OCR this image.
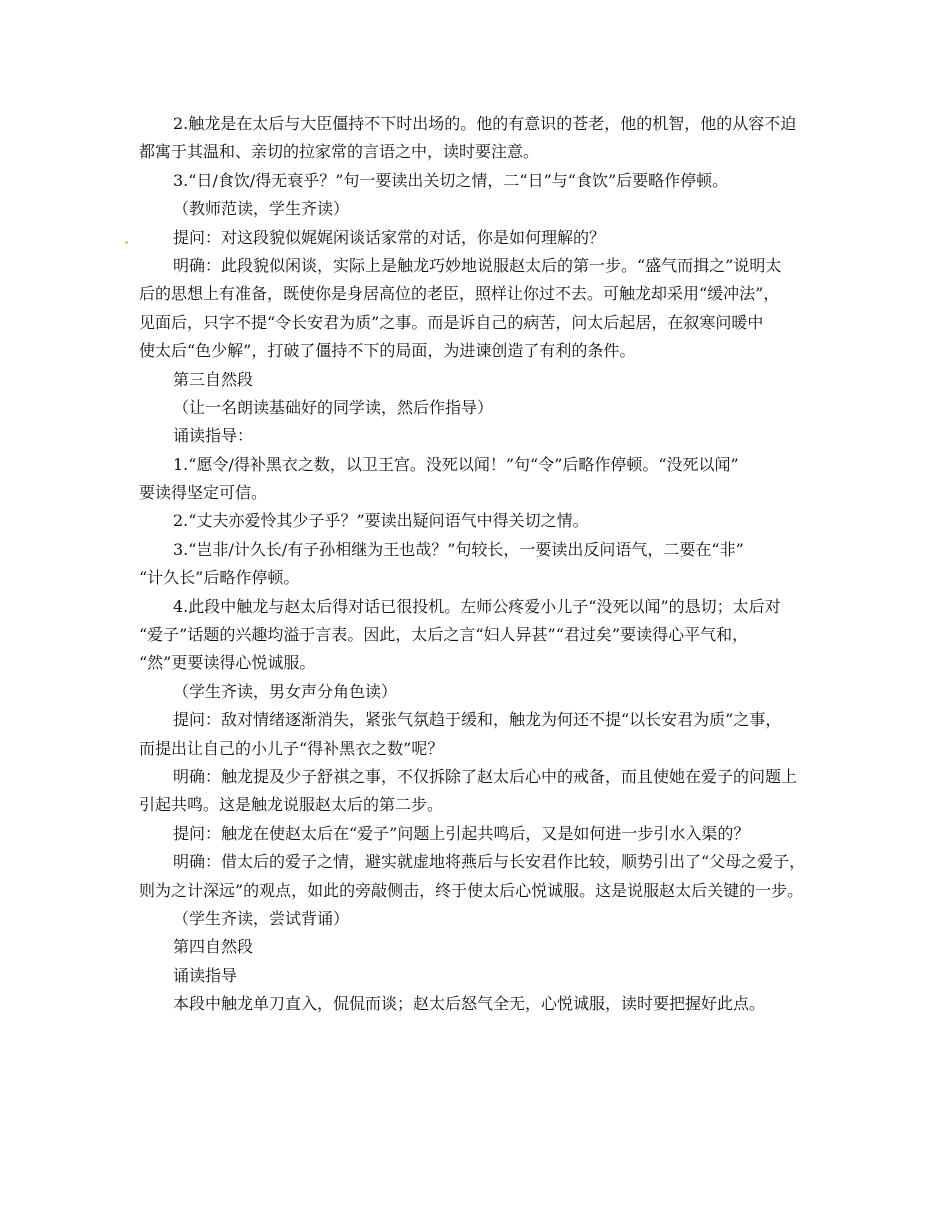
2.触龙是在太后与大臣僵持不下时出场的。他的有意识的苍老，他的机智，他的从容不迫
都寓于其温和、亲切的拉家常的言语之中，读时要注意。
3.“日/食饮/得无衰乎？”句一要读出关切之情，二“日”与“食饮”后要略作停顿。
（教师范读，学生齐读）
提问：对这段貌似娓娓闲谈话家常的对话，你是如何理解的？
明确：此段貌似闲谈，实际上是触龙巧妙地说服赵太后的第一步。“盛气而揖之”说明太
后的思想上有准备，既使你是身居高位的老臣，照样让你过不去。可触龙却采用“缓冲法”，
见面后，只字不提“令长安君为质”之事。而是诉自己的病苦，问太后起居，在叙寒问暖中
使太后“色少解”，打破了僵持不下的局面，为进谏创造了有利的条件。
第三自然段
（让一名朗读基础好的同学读，然后作指导）
诵读指导：
1.“愿令/得补黑衣之数，以卫王宫。没死以闻！”句“令”后略作停顿。“没死以闻”
要读得坚定可信。
2.“丈夫亦爱怜其少子乎？”要读出疑问语气中得关切之情。
3.“岂非/计久长/有子孙相继为王也哉？”句较长，一要读出反问语气，二要在“非”
“计久长”后略作停顿。
4.此段中触龙与赵太后得对话已很投机。左师公疼爱小儿子“没死以闻”的恳切；太后对
“爱子”话题的兴趣均溢于言表。因此，太后之言“妇人异甚”“君过矣”要读得心平气和，
“然”更要读得心悦诚服。
（学生齐读，男女声分角色读）
提问：敌对情绪逐渐消失，紧张气氛趋于缓和，触龙为何还不提“以长安君为质”之事，
而提出让自己的小儿子“得补黑衣之数”呢？
明确：触龙提及少子舒祺之事，不仅拆除了赵太后心中的戒备，而且使她在爱子的问题上
引起共鸣。这是触龙说服赵太后的第二步。
提问：触龙在使赵太后在“爱子”问题上引起共鸣后，又是如何进一步引水入渠的？
明确：借太后的爱子之情，避实就虚地将燕后与长安君作比较，顺势引出了“父母之爱子，
则为之计深远”的观点，如此的旁敲侧击，终于使太后心悦诚服。这是说服赵太后关键的一步。
（学生齐读，尝试背诵）
第四自然段
诵读指导
本段中触龙单刀直入，侃侃而谈；赵太后怒气全无，心悦诚服，读时要把握好此点。
